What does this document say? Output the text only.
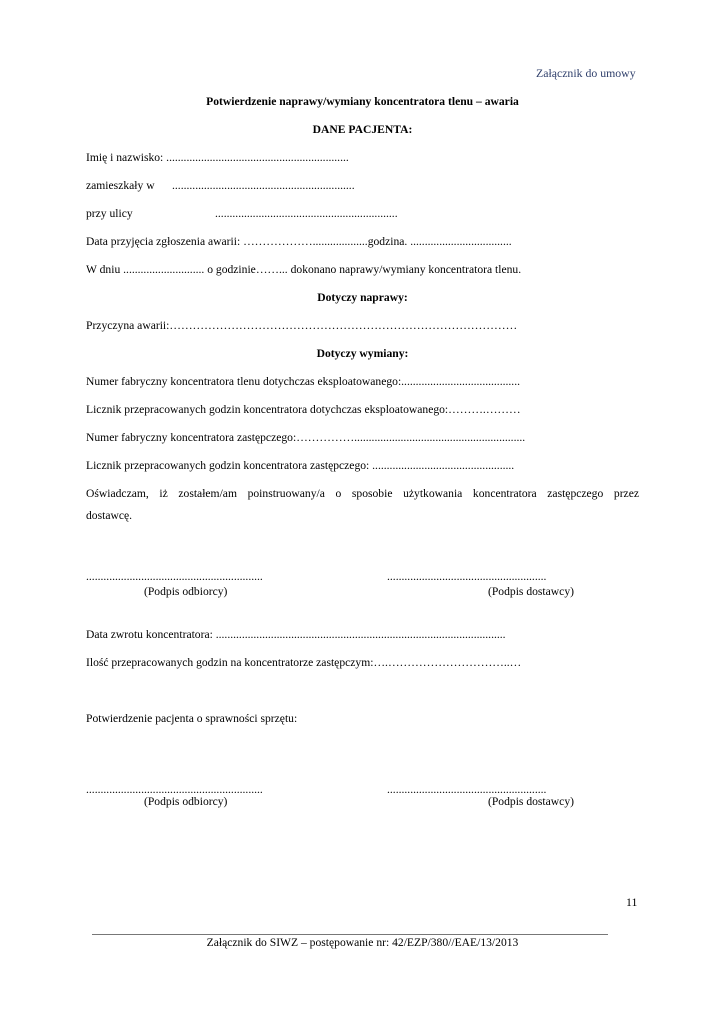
Załącznik do umowy
Potwierdzenie naprawy/wymiany koncentratora tlenu – awaria
DANE PACJENTA:
Imię i nazwisko: ...............................................................
zamieszkały w ...............................................................
przy ulicy	...............................................................
Data przyjęcia zgłoszenia awarii: ………………...................godzina. ...................................
W dniu ............................ o godzinie……... dokonano naprawy/wymiany koncentratora tlenu.
Dotyczy naprawy:
Przyczyna awarii:………………………………………………………………………………
Dotyczy wymiany:
Numer fabryczny koncentratora tlenu dotychczas eksploatowanego:.........................................
Licznik przepracowanych godzin koncentratora dotychczas eksploatowanego:……….………
Numer fabryczny koncentratora zastępczego:……………...........................................................
Licznik przepracowanych godzin koncentratora zastępczego: .................................................
Oświadczam, iż zostałem/am poinstruowany/a o sposobie użytkowania koncentratora zastępczego przez
dostawcę.
.............................................................
(Podpis odbiorcy)
.......................................................
(Podpis dostawcy)
Data zwrotu koncentratora: ....................................................................................................
Ilość przepracowanych godzin na koncentratorze zastępczym:….…………………………..…
Potwierdzenie pacjenta o sprawności sprzętu:
.............................................................
(Podpis odbiorcy)
.......................................................
(Podpis dostawcy)
11
Załącznik do SIWZ – postępowanie nr: 42/EZP/380//EAE/13/2013
